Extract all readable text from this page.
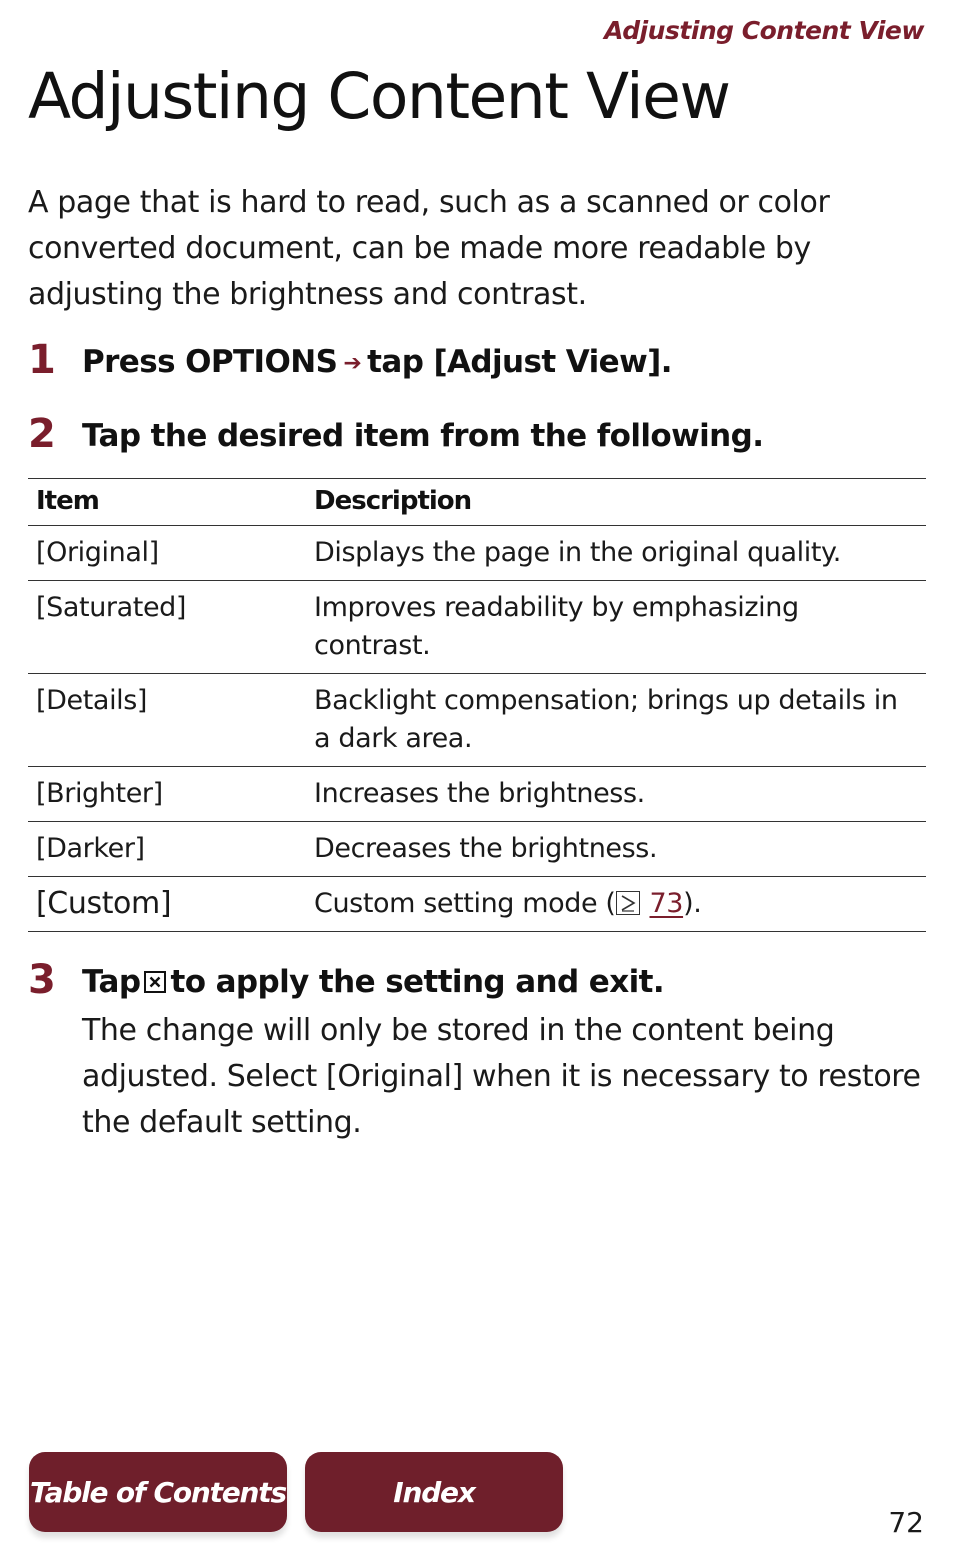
Adjusting Content View
Adjusting Content View

A page that is hard to read, such as a scanned or color converted document, can be made more readable by adjusting the brightness and contrast.

1 Press OPTIONS ➔ tap [Adjust View].
2 Tap the desired item from the following.
Item	Description
[Original]	Displays the page in the original quality.
[Saturated]	Improves readability by emphasizing contrast.
[Details]	Backlight compensation; brings up details in a dark area.
[Brighter]	Increases the brightness.
[Darker]	Decreases the brightness.
[Custom]	Custom setting mode ( 73).
3 Tap to apply the setting and exit.
The change will only be stored in the content being adjusted. Select [Original] when it is necessary to restore the default setting.
Table of Contents	Index
72
